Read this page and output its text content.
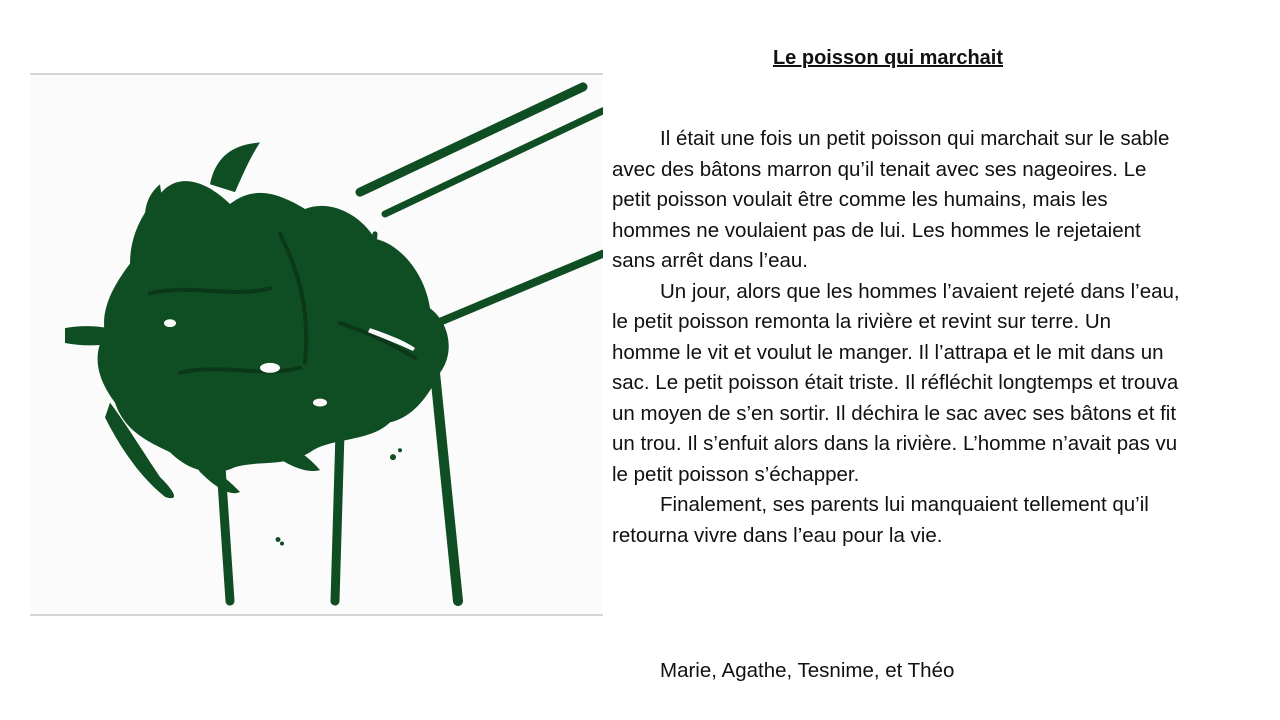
Le poisson qui marchait

Il était une fois un petit poisson qui marchait sur le sable avec des bâtons marron qu’il tenait avec ses nageoires. Le petit poisson voulait être comme les humains, mais les hommes ne voulaient pas de lui. Les hommes le rejetaient sans arrêt dans l’eau.

Un jour, alors que les hommes l’avaient rejeté dans l’eau, le petit poisson remonta la rivière et revint sur terre. Un homme le vit et voulut le manger. Il l’attrapa et le mit dans un sac. Le petit poisson était triste. Il réfléchit longtemps et trouva un moyen de s’en sortir. Il déchira le sac avec ses bâtons et fit un trou. Il s’enfuit alors dans la rivière. L’homme n’avait pas vu le petit poisson s’échapper.

Finalement, ses parents lui manquaient tellement qu’il retourna vivre dans l’eau pour la vie.

Marie, Agathe, Tesnime, et Théo
